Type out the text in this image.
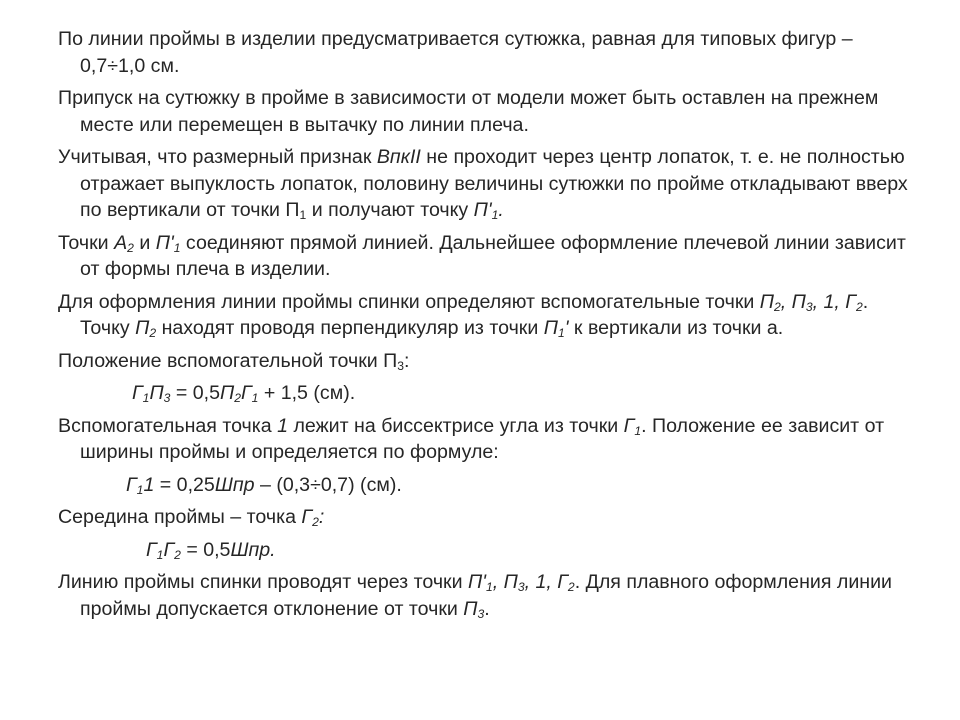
По линии проймы в изделии предусматривается сутюжка, равная для типовых фигур – 0,7÷1,0 см.

Припуск на сутюжку в пройме в зависимости от модели может быть оставлен на прежнем месте или перемещен в вытачку по линии плеча.

Учитывая, что размерный признак ВпкII не проходит через центр лопаток, т. е. не полностью отражает выпуклость лопаток, половину величины сутюжки по пройме откладывают вверх по вертикали от точки $П_1$ и получают точку $П'_1$.

Точки $А_2$ и $П'_1$ соединяют прямой линией. Дальнейшее оформление плечевой линии зависит от формы плеча в изделии.

Для оформления линии проймы спинки определяют вспомогательные точки $П_2$, $П_3$, 1, $Г_2$. Точку $П_2$ находят проводя перпендикуляр из точки $П_1'$ к вертикали из точки а.

Положение вспомогательной точки $П_3$:

$Г_1П_3 = 0,5П_2Г_1 + 1,5$ (см).

Вспомогательная точка 1 лежит на биссектрисе угла из точки $Г_1$. Положение ее зависит от ширины проймы и определяется по формуле:

$Г_11 = 0,25Шпр - (0,3\div 0,7)$ (см).

Середина проймы – точка $Г_2$:

$Г_1Г_2 = 0,5Шпр$.

Линию проймы спинки проводят через точки $П'_1$, $П_3$, 1, $Г_2$. Для плавного оформления линии проймы допускается отклонение от точки $П_3$.
